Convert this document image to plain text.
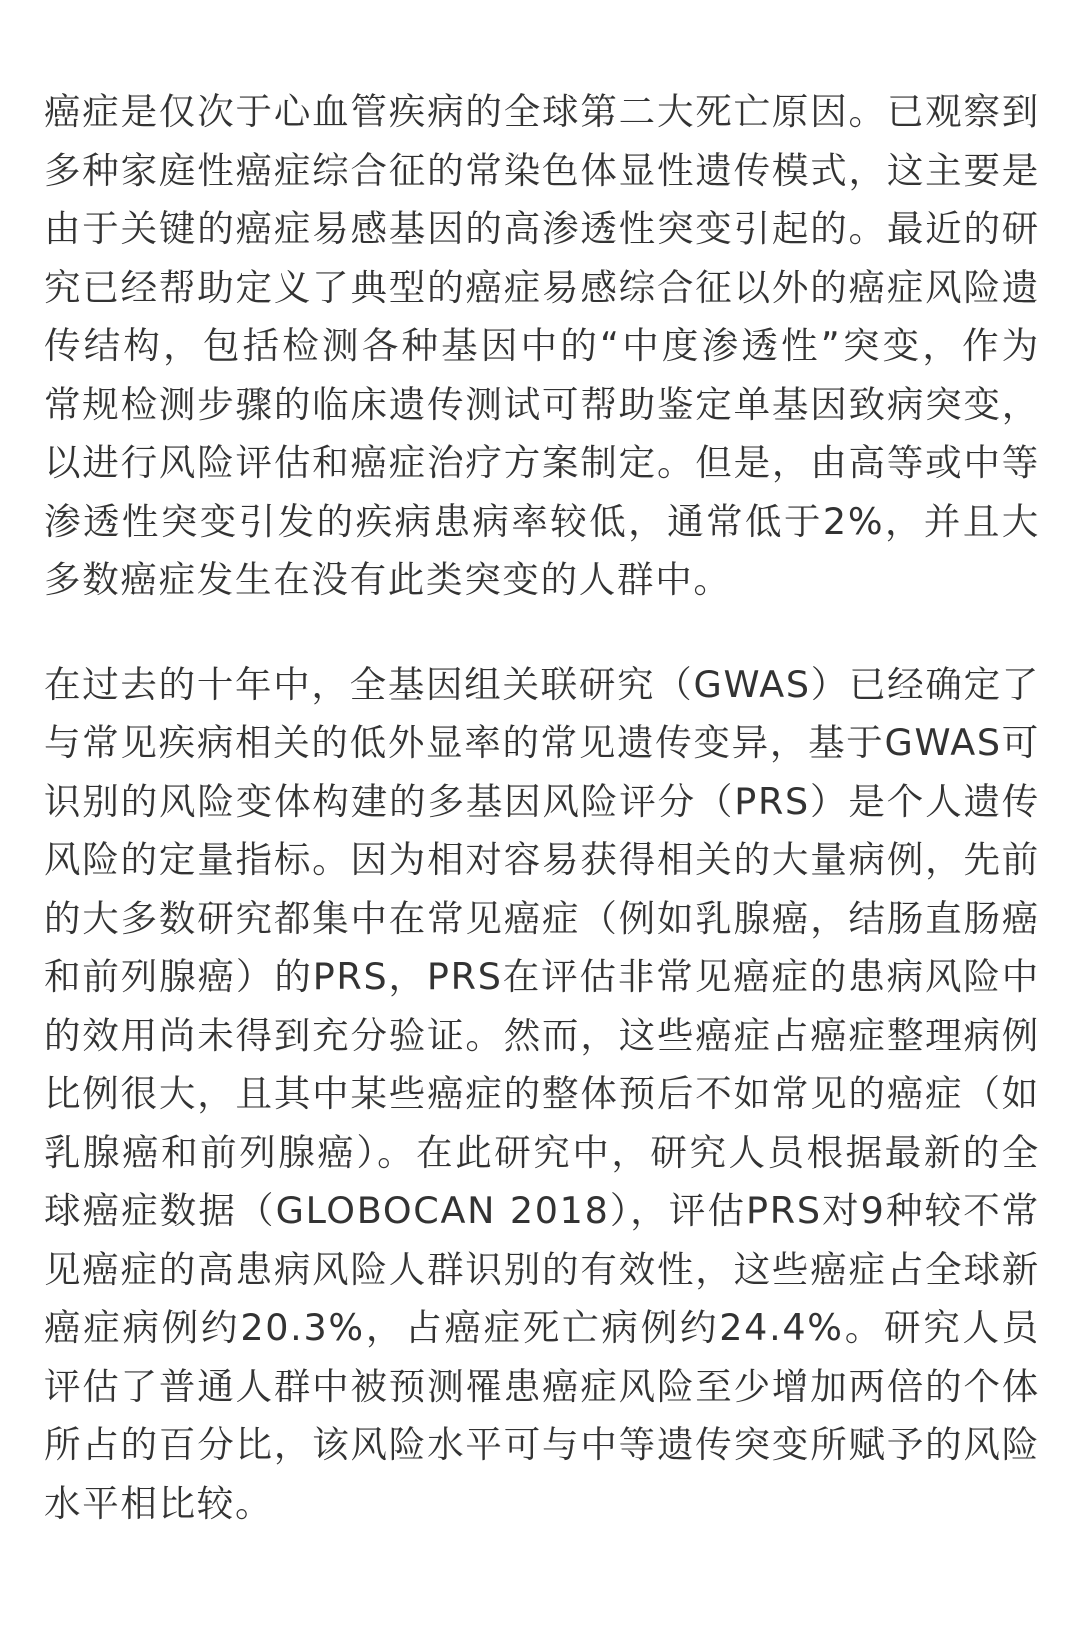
癌症是仅次于心血管疾病的全球第二大死亡原因。已观察到多种家庭性癌症综合征的常染色体显性遗传模式，这主要是由于关键的癌症易感基因的高渗透性突变引起的。最近的研究已经帮助定义了典型的癌症易感综合征以外的癌症风险遗传结构，包括检测各种基因中的“中度渗透性”突变，作为常规检测步骤的临床遗传测试可帮助鉴定单基因致病突变，以进行风险评估和癌症治疗方案制定。但是，由高等或中等渗透性突变引发的疾病患病率较低，通常低于2%，并且大多数癌症发生在没有此类突变的人群中。

在过去的十年中，全基因组关联研究（GWAS）已经确定了与常见疾病相关的低外显率的常见遗传变异，基于GWAS可识别的风险变体构建的多基因风险评分（PRS）是个人遗传风险的定量指标。因为相对容易获得相关的大量病例，先前的大多数研究都集中在常见癌症（例如乳腺癌，结肠直肠癌和前列腺癌）的PRS，PRS在评估非常见癌症的患病风险中的效用尚未得到充分验证。然而，这些癌症占癌症整理病例比例很大，且其中某些癌症的整体预后不如常见的癌症（如乳腺癌和前列腺癌）。在此研究中，研究人员根据最新的全球癌症数据（GLOBOCAN 2018），评估PRS对9种较不常见癌症的高患病风险人群识别的有效性，这些癌症占全球新癌症病例约20.3%，占癌症死亡病例约24.4%。研究人员评估了普通人群中被预测罹患癌症风险至少增加两倍的个体所占的百分比，该风险水平可与中等遗传突变所赋予的风险水平相比较。
